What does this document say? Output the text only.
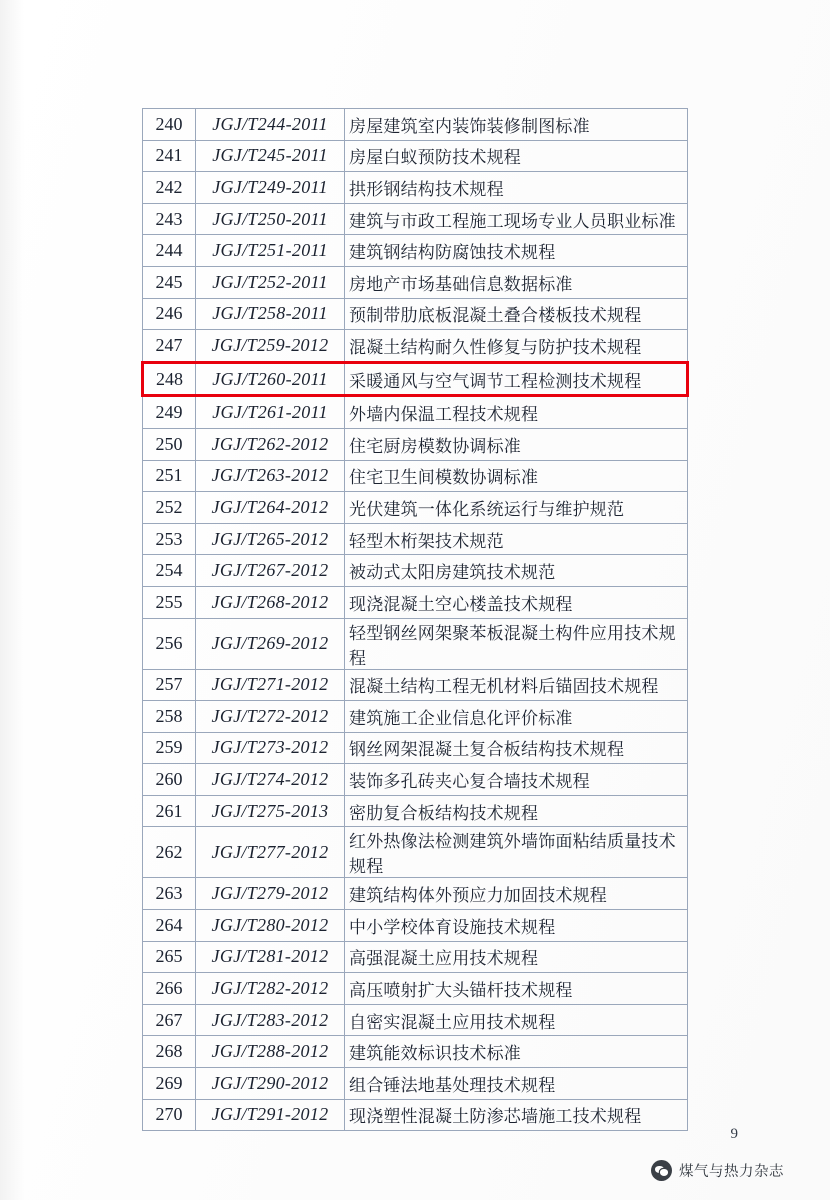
240	JGJ/T244-2011	房屋建筑室内装饰装修制图标准
241	JGJ/T245-2011	房屋白蚁预防技术规程
242	JGJ/T249-2011	拱形钢结构技术规程
243	JGJ/T250-2011	建筑与市政工程施工现场专业人员职业标准
244	JGJ/T251-2011	建筑钢结构防腐蚀技术规程
245	JGJ/T252-2011	房地产市场基础信息数据标准
246	JGJ/T258-2011	预制带肋底板混凝土叠合楼板技术规程
247	JGJ/T259-2012	混凝土结构耐久性修复与防护技术规程
248	JGJ/T260-2011	采暖通风与空气调节工程检测技术规程
249	JGJ/T261-2011	外墙内保温工程技术规程
250	JGJ/T262-2012	住宅厨房模数协调标准
251	JGJ/T263-2012	住宅卫生间模数协调标准
252	JGJ/T264-2012	光伏建筑一体化系统运行与维护规范
253	JGJ/T265-2012	轻型木桁架技术规范
254	JGJ/T267-2012	被动式太阳房建筑技术规范
255	JGJ/T268-2012	现浇混凝土空心楼盖技术规程
256	JGJ/T269-2012	轻型钢丝网架聚苯板混凝土构件应用技术规程
257	JGJ/T271-2012	混凝土结构工程无机材料后锚固技术规程
258	JGJ/T272-2012	建筑施工企业信息化评价标准
259	JGJ/T273-2012	钢丝网架混凝土复合板结构技术规程
260	JGJ/T274-2012	装饰多孔砖夹心复合墙技术规程
261	JGJ/T275-2013	密肋复合板结构技术规程
262	JGJ/T277-2012	红外热像法检测建筑外墙饰面粘结质量技术规程
263	JGJ/T279-2012	建筑结构体外预应力加固技术规程
264	JGJ/T280-2012	中小学校体育设施技术规程
265	JGJ/T281-2012	高强混凝土应用技术规程
266	JGJ/T282-2012	高压喷射扩大头锚杆技术规程
267	JGJ/T283-2012	自密实混凝土应用技术规程
268	JGJ/T288-2012	建筑能效标识技术标准
269	JGJ/T290-2012	组合锤法地基处理技术规程
270	JGJ/T291-2012	现浇塑性混凝土防渗芯墙施工技术规程
9
煤气与热力杂志
